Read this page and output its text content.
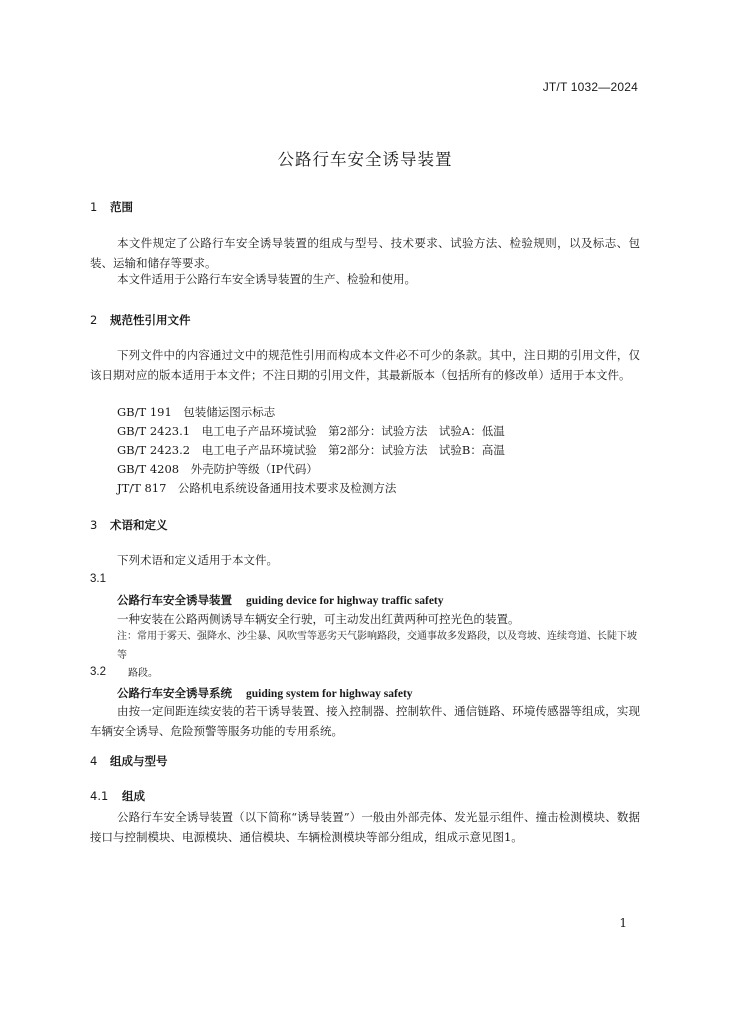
JT/T 1032—2024
公路行车安全诱导装置
1 范围

本文件规定了公路行车安全诱导装置的组成与型号、技术要求、试验方法、检验规则，以及标志、包装、运输和储存等要求。

本文件适用于公路行车安全诱导装置的生产、检验和使用。

2 规范性引用文件

下列文件中的内容通过文中的规范性引用而构成本文件必不可少的条款。其中，注日期的引用文件，仅该日期对应的版本适用于本文件；不注日期的引用文件，其最新版本（包括所有的修改单）适用于本文件。

GB/T 191　包装储运图示标志
GB/T 2423.1　电工电子产品环境试验　第2部分：试验方法　试验A：低温
GB/T 2423.2　电工电子产品环境试验　第2部分：试验方法　试验B：高温
GB/T 4208　外壳防护等级（IP代码）
JT/T 817　公路机电系统设备通用技术要求及检测方法
3 术语和定义

下列术语和定义适用于本文件。

3.1
公路行车安全诱导装置 guiding device for highway traffic safety
一种安装在公路两侧诱导车辆安全行驶，可主动发出红黄两种可控光色的装置。
注：常用于雾天、强降水、沙尘暴、风吹雪等恶劣天气影响路段，交通事故多发路段，以及弯坡、连续弯道、长陡下坡等
路段。
3.2
公路行车安全诱导系统 guiding system for highway safety

由按一定间距连续安装的若干诱导装置、接入控制器、控制软件、通信链路、环境传感器等组成，实现车辆安全诱导、危险预警等服务功能的专用系统。

4 组成与型号
4.1 组成

公路行车安全诱导装置（以下简称“诱导装置”）一般由外部壳体、发光显示组件、撞击检测模块、数据接口与控制模块、电源模块、通信模块、车辆检测模块等部分组成，组成示意见图1。

1
